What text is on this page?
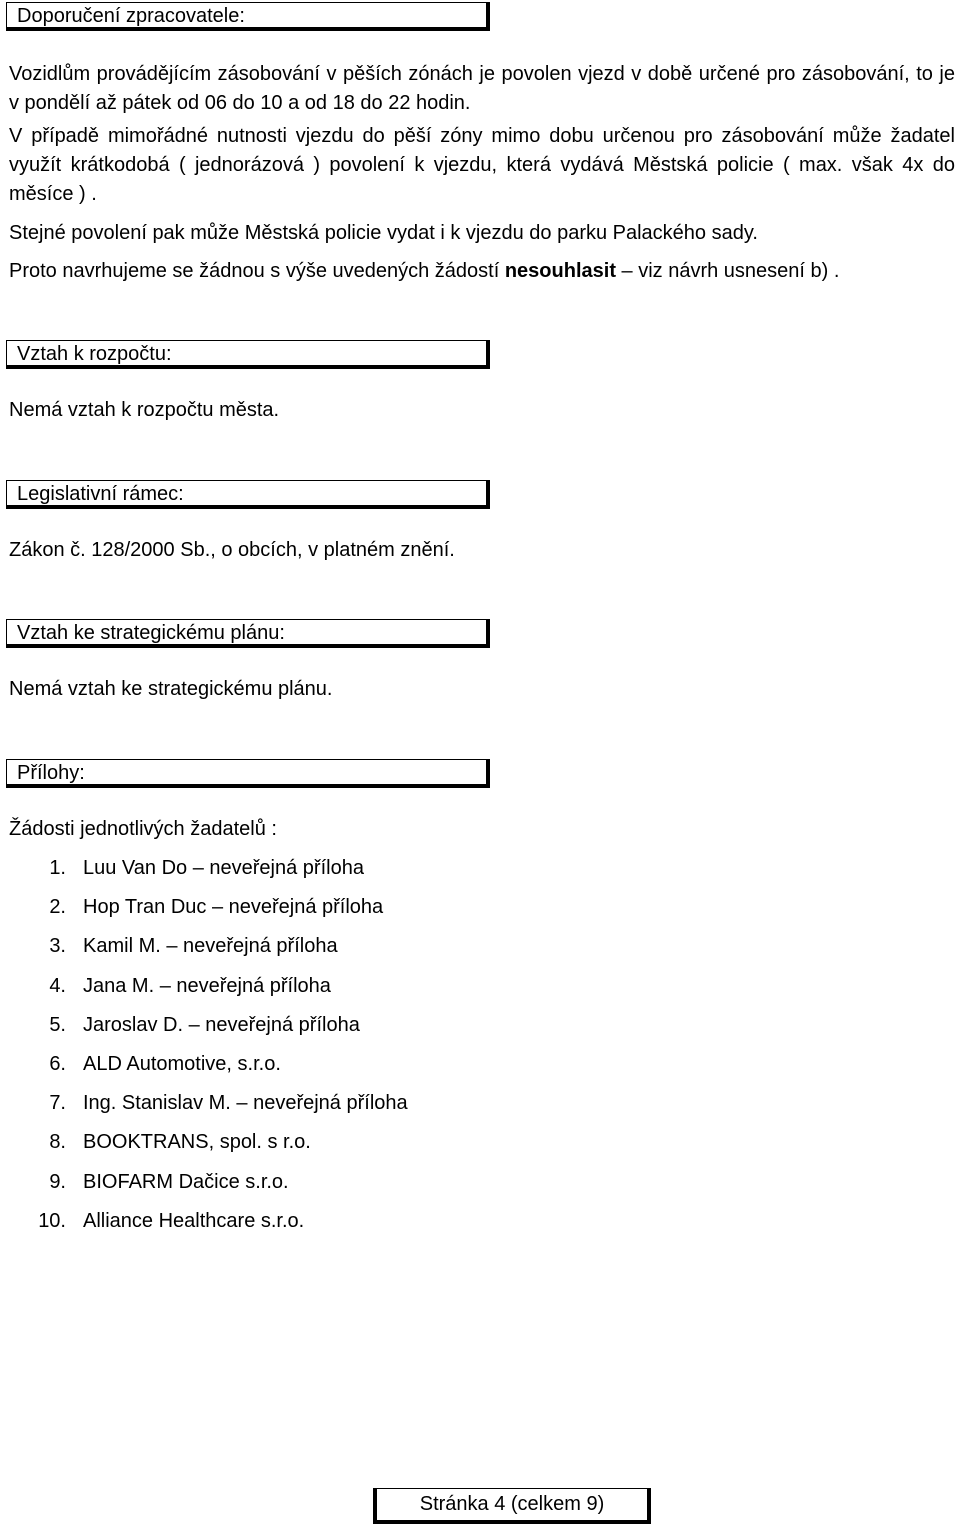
Doporučení zpracovatele:
Vozidlům provádějícím zásobování v pěších zónách je povolen vjezd v době určené pro zásobování, to je v pondělí až pátek od 06 do 10 a od 18 do 22 hodin.
V případě mimořádné nutnosti vjezdu do pěší zóny mimo dobu určenou pro zásobování může žadatel využít krátkodobá ( jednorázová ) povolení k vjezdu, která vydává Městská policie ( max. však 4x do měsíce ) .
Stejné povolení pak může Městská policie vydat i k vjezdu do parku Palackého sady.
Proto navrhujeme se žádnou s výše uvedených žádostí nesouhlasit – viz návrh usnesení b) .
Vztah k rozpočtu:
Nemá vztah k rozpočtu města.
Legislativní rámec:
Zákon č. 128/2000 Sb., o obcích, v platném znění.
Vztah ke strategickému plánu:
Nemá vztah ke strategickému plánu.
Přílohy:
Žádosti jednotlivých žadatelů :
1. Luu Van Do – neveřejná příloha
2. Hop Tran Duc – neveřejná příloha
3. Kamil M. – neveřejná příloha
4. Jana M. – neveřejná příloha
5. Jaroslav D. – neveřejná příloha
6. ALD Automotive, s.r.o.
7. Ing. Stanislav M. – neveřejná příloha
8. BOOKTRANS, spol. s r.o.
9. BIOFARM Dačice s.r.o.
10. Alliance Healthcare s.r.o.
Stránka 4 (celkem 9)
